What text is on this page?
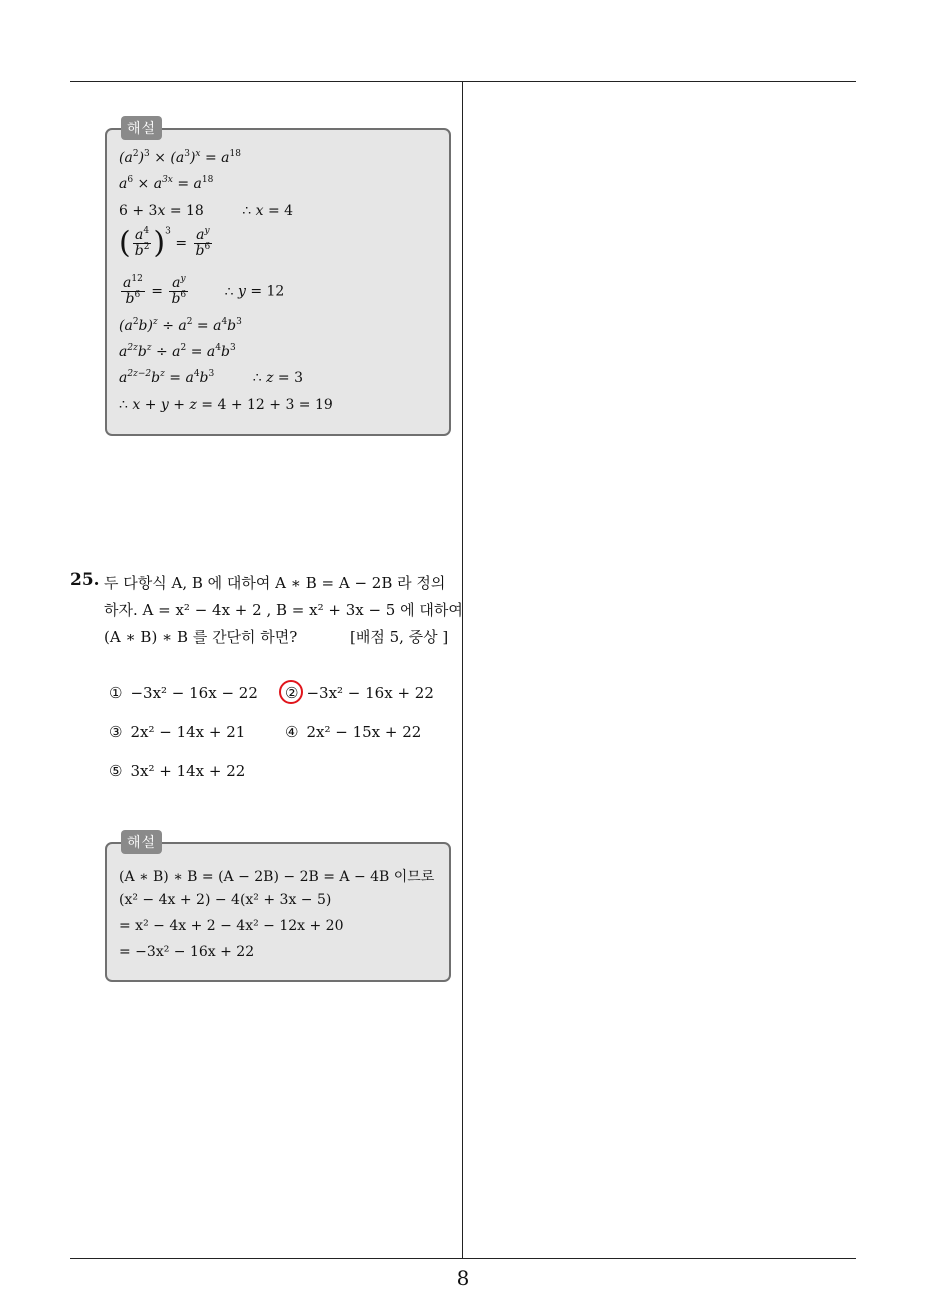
해설
$(a^2)^3 \times (a^3)^x = a^{18}$
$a^6 \times a^{3x} = a^{18}$
6 + 3x = 18	∴ x = 4
( $\frac{a^4}{b^2} )^3 = \frac{a^y}{b^6}$
$\frac{a^{12}}{b^6} = \frac{a^y}{b^6}$	∴ y = 12
$(a^2b)^z \div a^2 = a^4b^3$
$a^{2z}b^z \div a^2 = a^4b^3$
$a^{2z-2}b^z = a^4b^3$	∴ z = 3
∴ x + y + z = 4 + 12 + 3 = 19
25. 두 다항식 A, B 에 대하여 A ∗ B = A − 2B 라 정의
하자. A = x² − 4x + 2 , B = x² + 3x − 5 에 대하여
(A ∗ B) ∗ B 를 간단히 하면?	[배점 5, 중상 ]
① −3x² − 16x − 22 ② −3x² − 16x + 22
③ 2x² − 14x + 21	④ 2x² − 15x + 22
⑤ 3x² + 14x + 22
해설
(A ∗ B) ∗ B = (A − 2B) − 2B = A − 4B 이므로
(x² − 4x + 2) − 4(x² + 3x − 5)
= x² − 4x + 2 − 4x² − 12x + 20
= −3x² − 16x + 22
8
